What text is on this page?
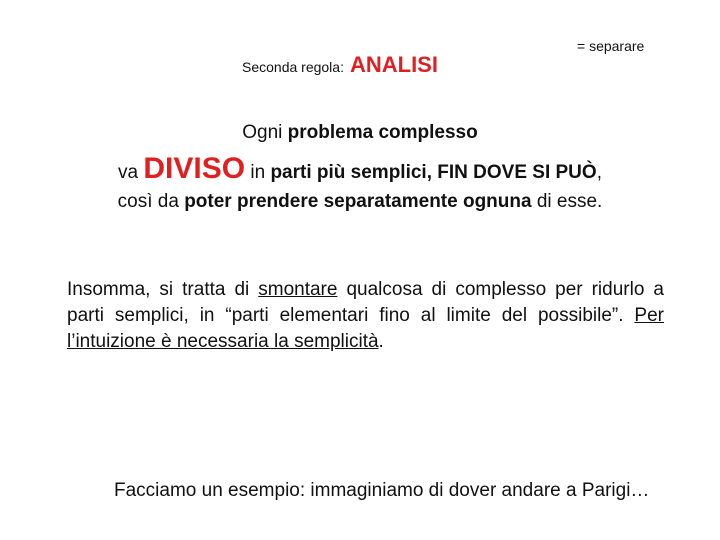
Seconda regola: ANALISI
= separare
Ogni problema complesso
va DIVISO in parti più semplici, FIN DOVE SI PUÒ,
così da poter prendere separatamente ognuna di esse.
Insomma, si tratta di smontare qualcosa di complesso per ridurlo a parti semplici, in “parti elementari fino al limite del possibile”. Per l’intuizione è necessaria la semplicità.
Facciamo un esempio: immaginiamo di dover andare a Parigi…
